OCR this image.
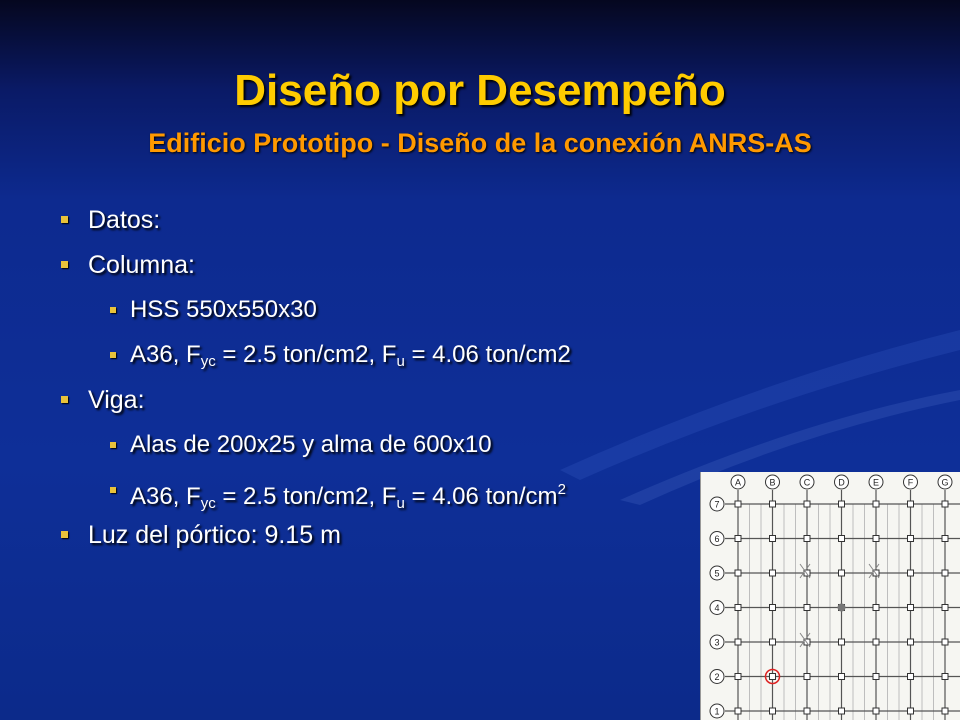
Diseño por Desempeño
Edificio Prototipo - Diseño de la conexión ANRS-AS
Datos:
Columna:
HSS 550x550x30
A36, $F_{yc} = 2.5$ ton/cm2, $F_u = 4.06$ ton/cm2
Viga:
Alas de 200x25 y alma de 600x10
A36, $F_{yc} = 2.5$ ton/cm2, $F_u = 4.06$ ton/$cm^2$
Luz del pórtico: 9.15 m
A	B	C	D	E	F	G
7
6
5
4
3
2
1
